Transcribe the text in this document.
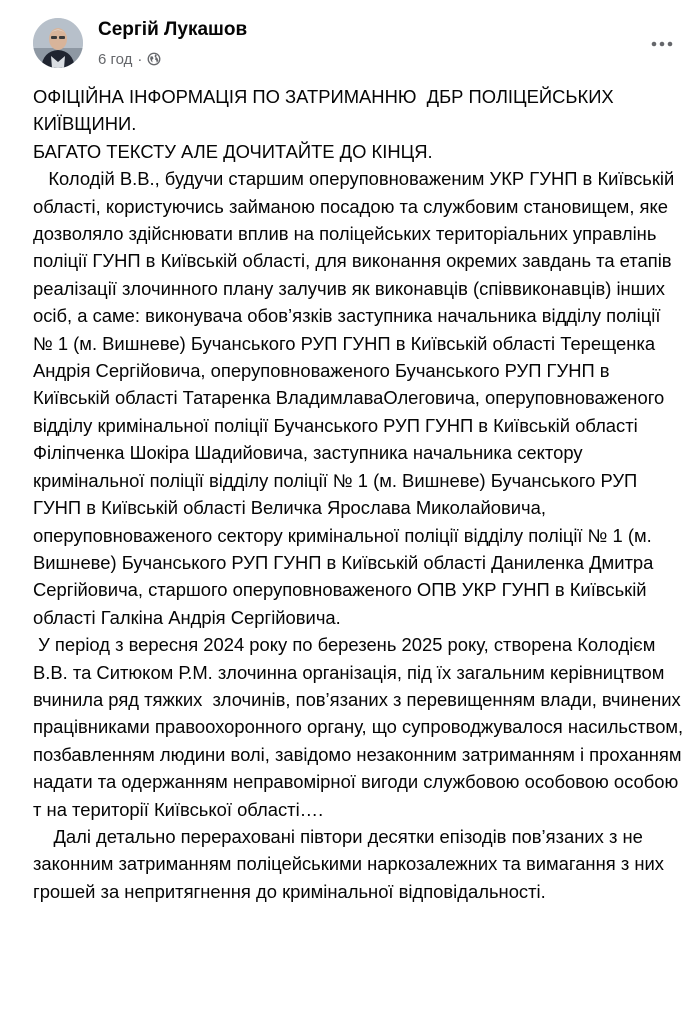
Сергій Лукашов
6 год ·

ОФІЦІЙНА ІНФОРМАЦІЯ ПО ЗАТРИМАННЮ  ДБР ПОЛІЦЕЙСЬКИХ КИЇВЩИНИ.

БАГАТО ТЕКСТУ АЛЕ ДОЧИТАЙТЕ ДО КІНЦЯ.

Колодій В.В., будучи старшим оперуповноваженим УКР ГУНП в Київській області, користуючись займаною посадою та службовим становищем, яке дозволяло здійснювати вплив на поліцейських територіальних управлінь поліції ГУНП в Київській області, для виконання окремих завдань та етапів реалізації злочинного плану залучив як виконавців (співвиконавців) інших осіб, а саме: виконувача обов’язків заступника начальника відділу поліції № 1 (м. Вишневе) Бучанського РУП ГУНП в Київській області Терещенка Андрія Сергійовича, оперуповноваженого Бучанського РУП ГУНП в Київській області Татаренка ВладимлаваОлеговича, оперуповноваженого відділу кримінальної поліції Бучанського РУП ГУНП в Київській області Філіпченка Шокіра Шадийовича, заступника начальника сектору кримінальної поліції відділу поліції № 1 (м. Вишневе) Бучанського РУП ГУНП в Київській області Величка Ярослава Миколайовича, оперуповноваженого сектору кримінальної поліції відділу поліції № 1 (м. Вишневе) Бучанського РУП ГУНП в Київській області Даниленка Дмитра Сергійовича, старшого оперуповноваженого ОПВ УКР ГУНП в Київській області Галкіна Андрія Сергійовича.

У період з вересня 2024 року по березень 2025 року, створена Колодієм В.В. та Ситюком Р.М. злочинна організація, під їх загальним керівництвом вчинила ряд тяжких  злочинів, пов’язаних з перевищенням влади, вчинених працівниками правоохоронного органу, що супроводжувалося насильством, позбавленням людини волі, завідомо незаконним затриманням і проханням надати та одержанням неправомірної вигоди службовою особовою особою т на території Київської області….

Далі детально перераховані півтори десятки епізодів пов’язаних з не законним затриманням поліцейськими наркозалежних та вимагання з них грошей за непритягнення до кримінальної відповідальності.
